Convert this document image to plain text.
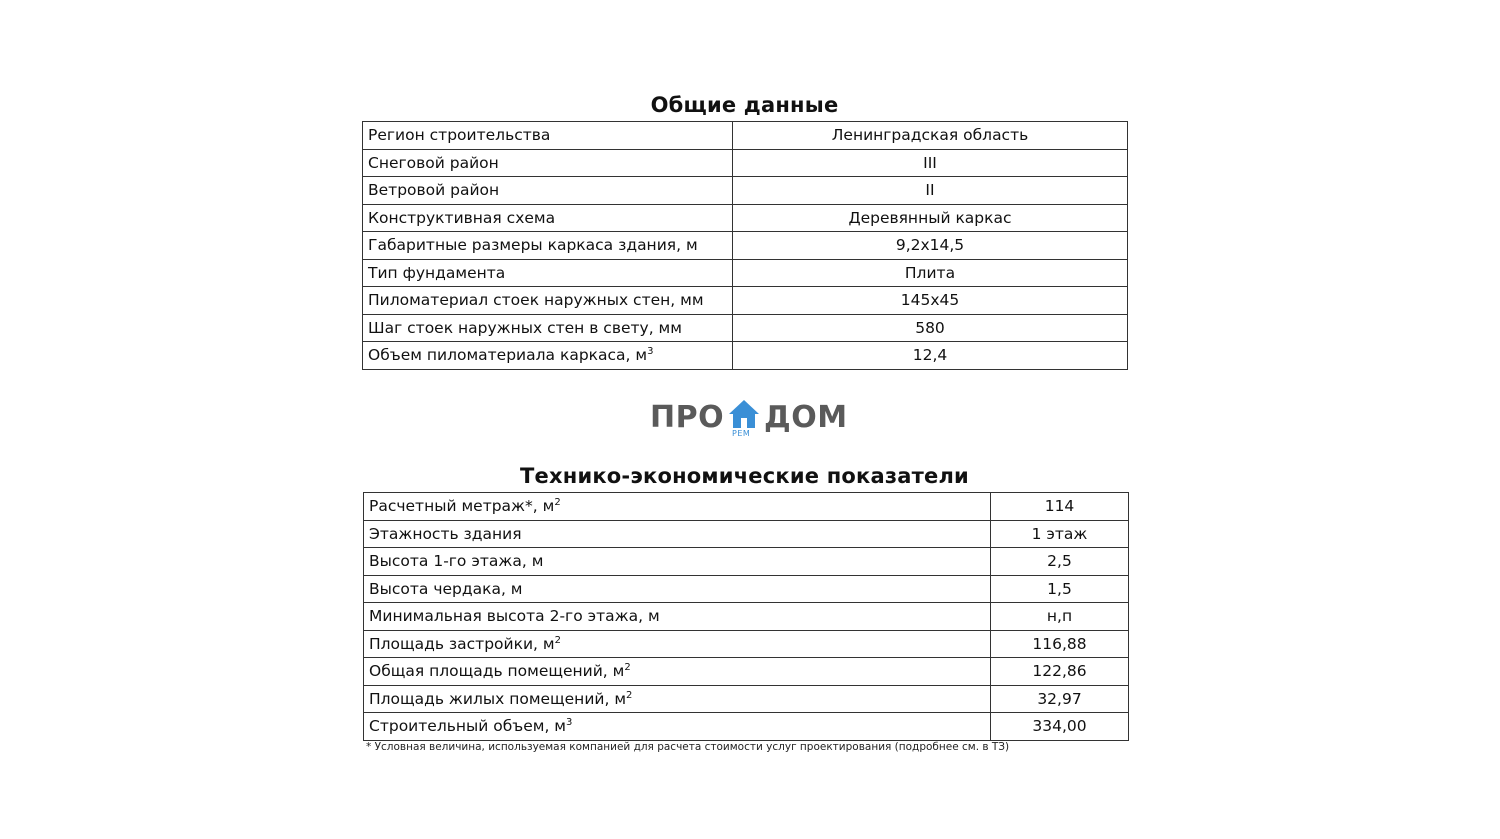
Общие данные
Регион строительства	Ленинградская область
Снеговой район	III
Ветровой район	II
Конструктивная схема	Деревянный каркас
Габаритные размеры каркаса здания, м	9,2х14,5
Тип фундамента	Плита
Пиломатериал стоек наружных стен, мм	145х45
Шаг стоек наружных стен в свету, мм	580
Объем пиломатериала каркаса, $м^3$	12,4
ПРО РЕМ ДОМ
Технико-экономические показатели
Расчетный метраж*, $м^2$	114
Этажность здания	1 этаж
Высота 1-го этажа, м	2,5
Высота чердака, м	1,5
Минимальная высота 2-го этажа, м	н,п
Площадь застройки, $м^2$	116,88
Общая площадь помещений, $м^2$	122,86
Площадь жилых помещений, $м^2$	32,97
Строительный объем, $м^3$	334,00
* Условная величина, используемая компанией для расчета стоимости услуг проектирования (подробнее см. в ТЗ)
